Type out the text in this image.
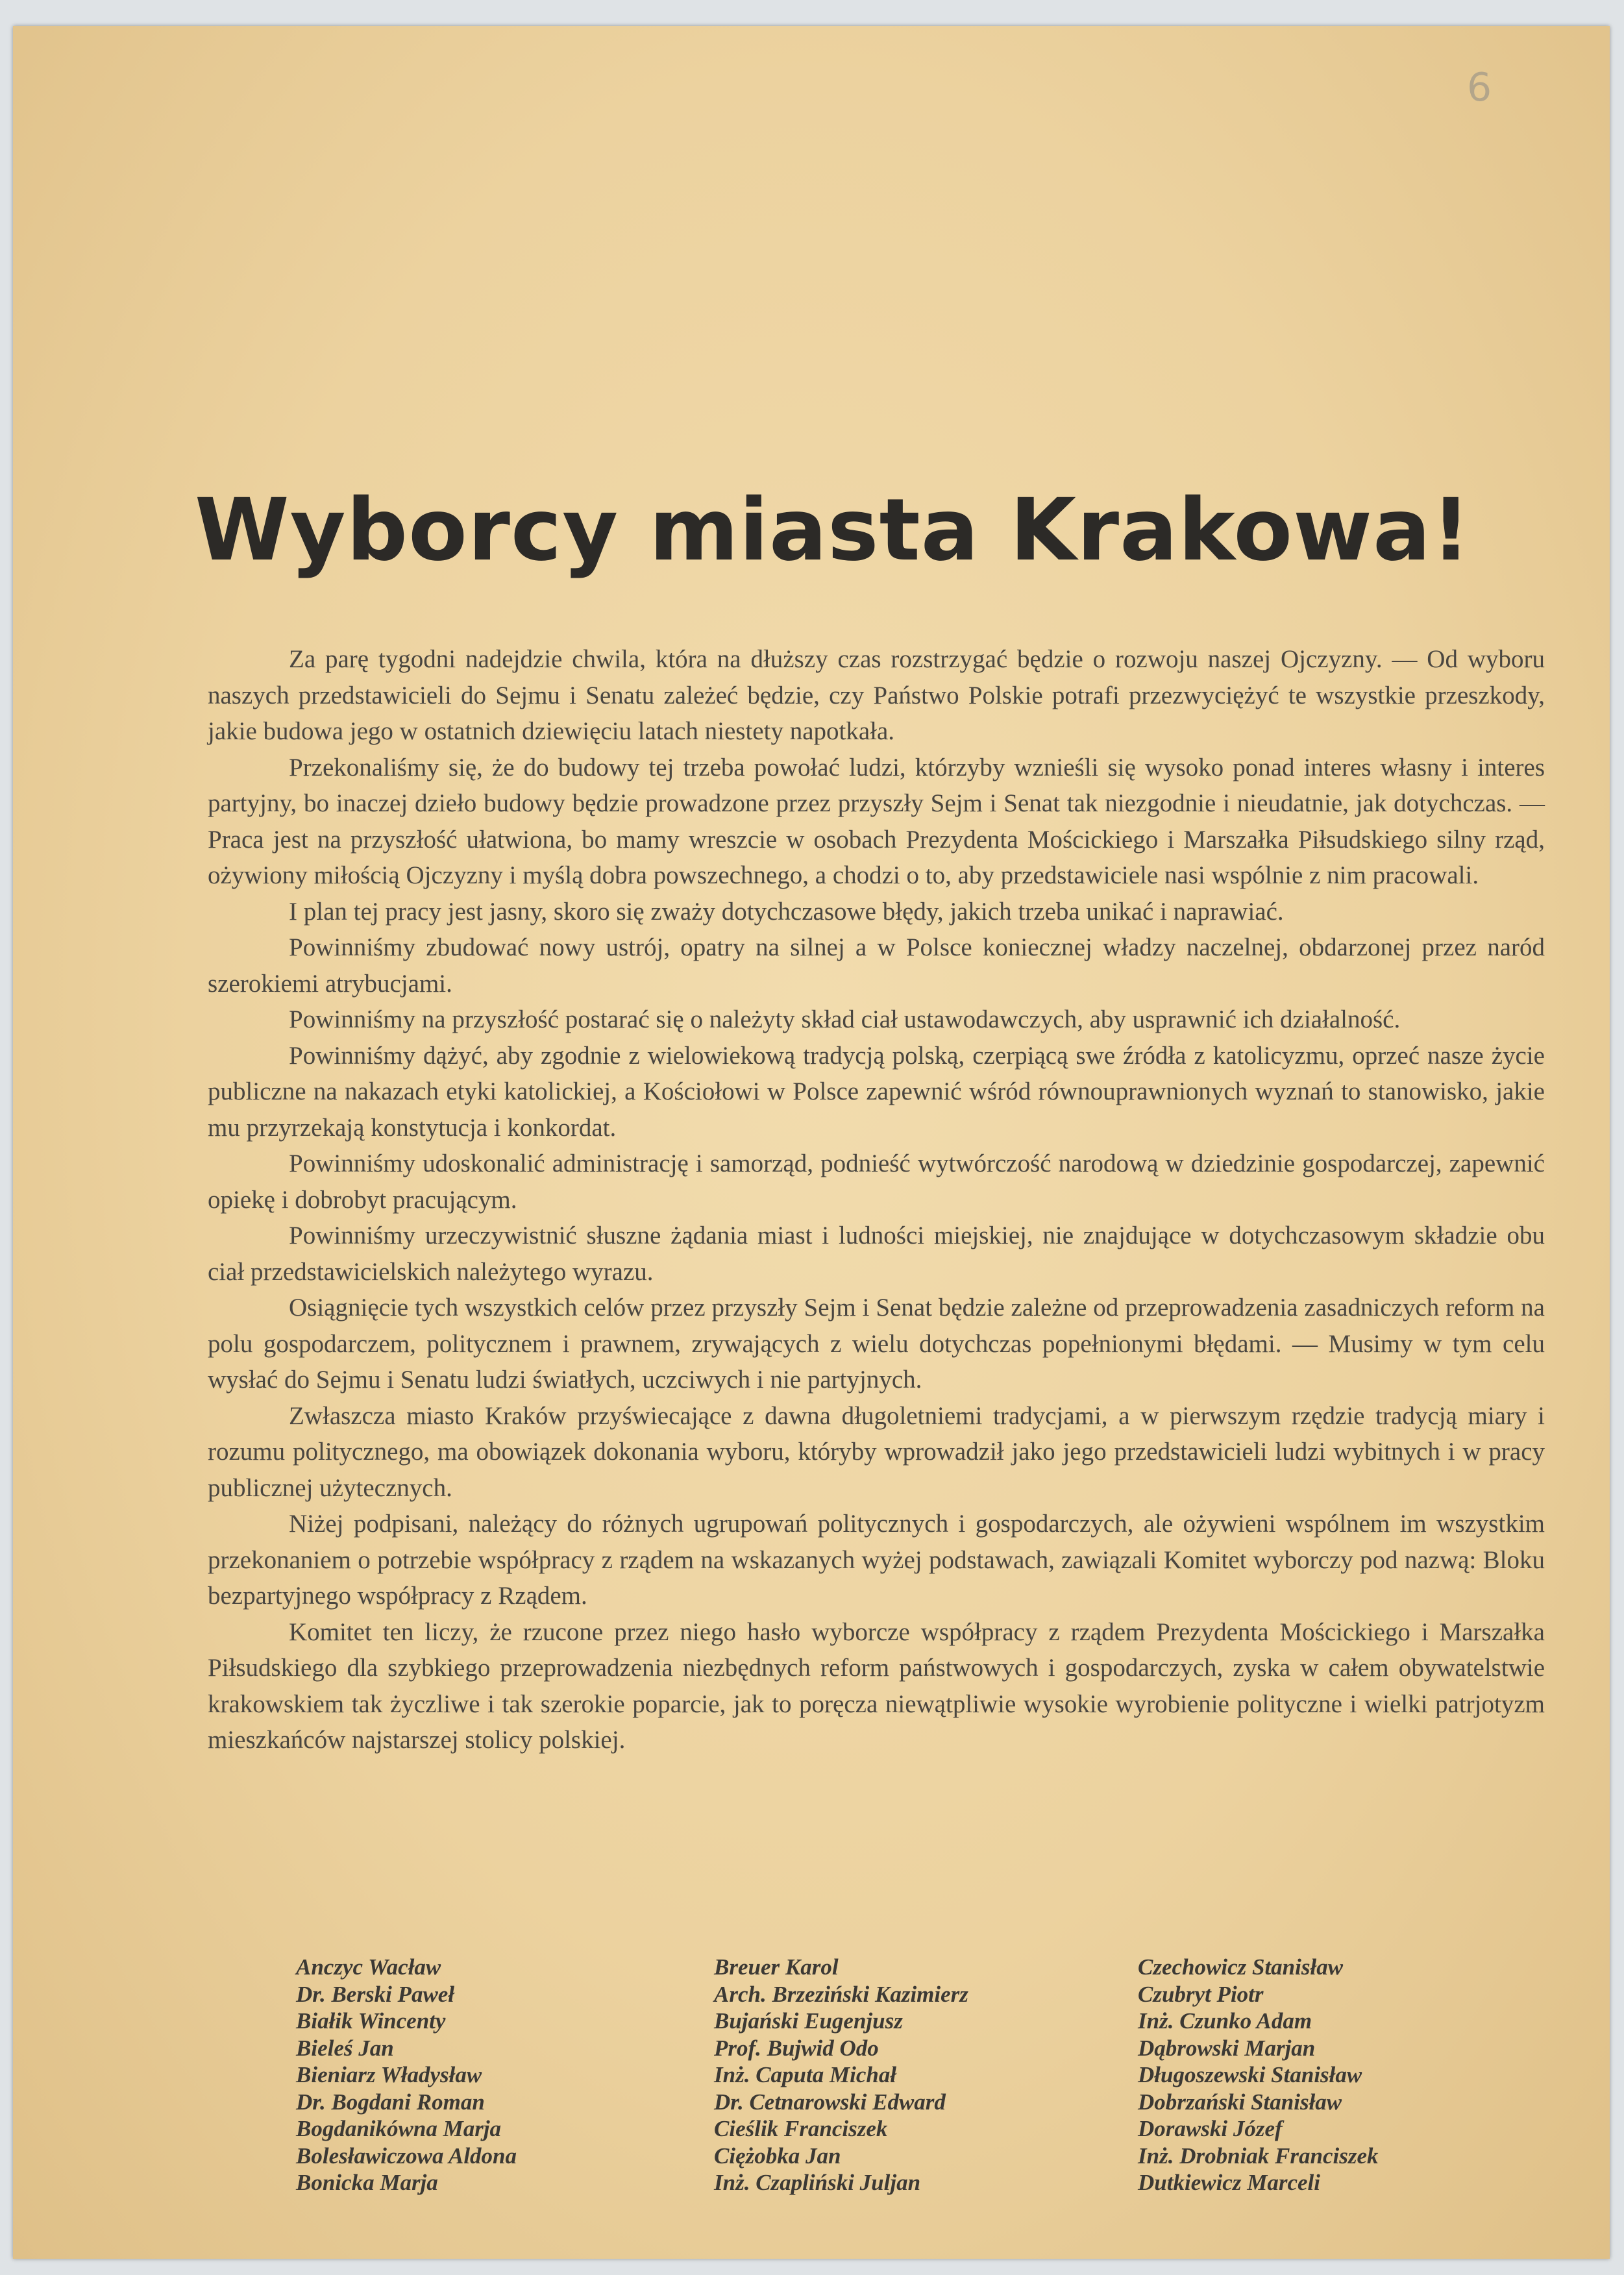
6
Wyborcy miasta Krakowa!

Za parę tygodni nadejdzie chwila, która na dłuższy czas rozstrzygać będzie o rozwoju naszej Ojczyzny. — Od wyboru naszych przedstawicieli do Sejmu i Senatu zależeć będzie, czy Państwo Polskie potrafi przezwyciężyć te wszystkie przeszkody, jakie budowa jego w ostatnich dziewięciu latach niestety napotkała.

Przekonaliśmy się, że do budowy tej trzeba powołać ludzi, którzyby wznieśli się wysoko ponad interes własny i interes partyjny, bo inaczej dzieło budowy będzie prowadzone przez przyszły Sejm i Senat tak niezgodnie i nieudatnie, jak dotychczas. — Praca jest na przyszłość ułatwiona, bo mamy wreszcie w osobach Prezydenta Mościckiego i Marszałka Piłsudskiego silny rząd, ożywiony miłością Ojczyzny i myślą dobra powszechnego, a chodzi o to, aby przedstawiciele nasi wspólnie z nim pracowali.

I plan tej pracy jest jasny, skoro się zważy dotychczasowe błędy, jakich trzeba unikać i naprawiać.

Powinniśmy zbudować nowy ustrój, opatry na silnej a w Polsce koniecznej władzy naczelnej, obdarzonej przez naród szerokiemi atrybucjami.

Powinniśmy na przyszłość postarać się o należyty skład ciał ustawodawczych, aby usprawnić ich działalność.

Powinniśmy dążyć, aby zgodnie z wielowiekową tradycją polską, czerpiącą swe źródła z katolicyzmu, oprzeć nasze życie publiczne na nakazach etyki katolickiej, a Kościołowi w Polsce zapewnić wśród równouprawnionych wyznań to stanowisko, jakie mu przyrzekają konstytucja i konkordat.

Powinniśmy udoskonalić administrację i samorząd, podnieść wytwórczość narodową w dziedzinie gospodarczej, zapewnić opiekę i dobrobyt pracującym.

Powinniśmy urzeczywistnić słuszne żądania miast i ludności miejskiej, nie znajdujące w dotychczasowym składzie obu ciał przedstawicielskich należytego wyrazu.

Osiągnięcie tych wszystkich celów przez przyszły Sejm i Senat będzie zależne od przeprowadzenia zasadniczych reform na polu gospodarczem, politycznem i prawnem, zrywających z wielu dotychczas popełnionymi błędami. — Musimy w tym celu wysłać do Sejmu i Senatu ludzi światłych, uczciwych i nie partyjnych.

Zwłaszcza miasto Kraków przyświecające z dawna długoletniemi tradycjami, a w pierwszym rzędzie tradycją miary i rozumu politycznego, ma obowiązek dokonania wyboru, któryby wprowadził jako jego przedstawicieli ludzi wybitnych i w pracy publicznej użytecznych.

Niżej podpisani, należący do różnych ugrupowań politycznych i gospodarczych, ale ożywieni wspólnem im wszystkim przekonaniem o potrzebie współpracy z rządem na wskazanych wyżej podstawach, zawiązali Komitet wyborczy pod nazwą: Bloku bezpartyjnego współpracy z Rządem.

Komitet ten liczy, że rzucone przez niego hasło wyborcze współpracy z rządem Prezydenta Mościckiego i Marszałka Piłsudskiego dla szybkiego przeprowadzenia niezbędnych reform państwowych i gospodarczych, zyska w całem obywatelstwie krakowskiem tak życzliwe i tak szerokie poparcie, jak to poręcza niewątpliwie wysokie wyrobienie polityczne i wielki patrjotyzm mieszkańców najstarszej stolicy polskiej.

Anczyc Wacław
Dr. Berski Paweł
Białik Wincenty
Bieleś Jan
Bieniarz Władysław
Dr. Bogdani Roman
Bogdanikówna Marja
Bolesławiczowa Aldona
Bonicka Marja
Breuer Karol
Arch. Brzeziński Kazimierz
Bujański Eugenjusz
Prof. Bujwid Odo
Inż. Caputa Michał
Dr. Cetnarowski Edward
Cieślik Franciszek
Ciężobka Jan
Inż. Czapliński Juljan
Czechowicz Stanisław
Czubryt Piotr
Inż. Czunko Adam
Dąbrowski Marjan
Długoszewski Stanisław
Dobrzański Stanisław
Dorawski Józef
Inż. Drobniak Franciszek
Dutkiewicz Marceli
